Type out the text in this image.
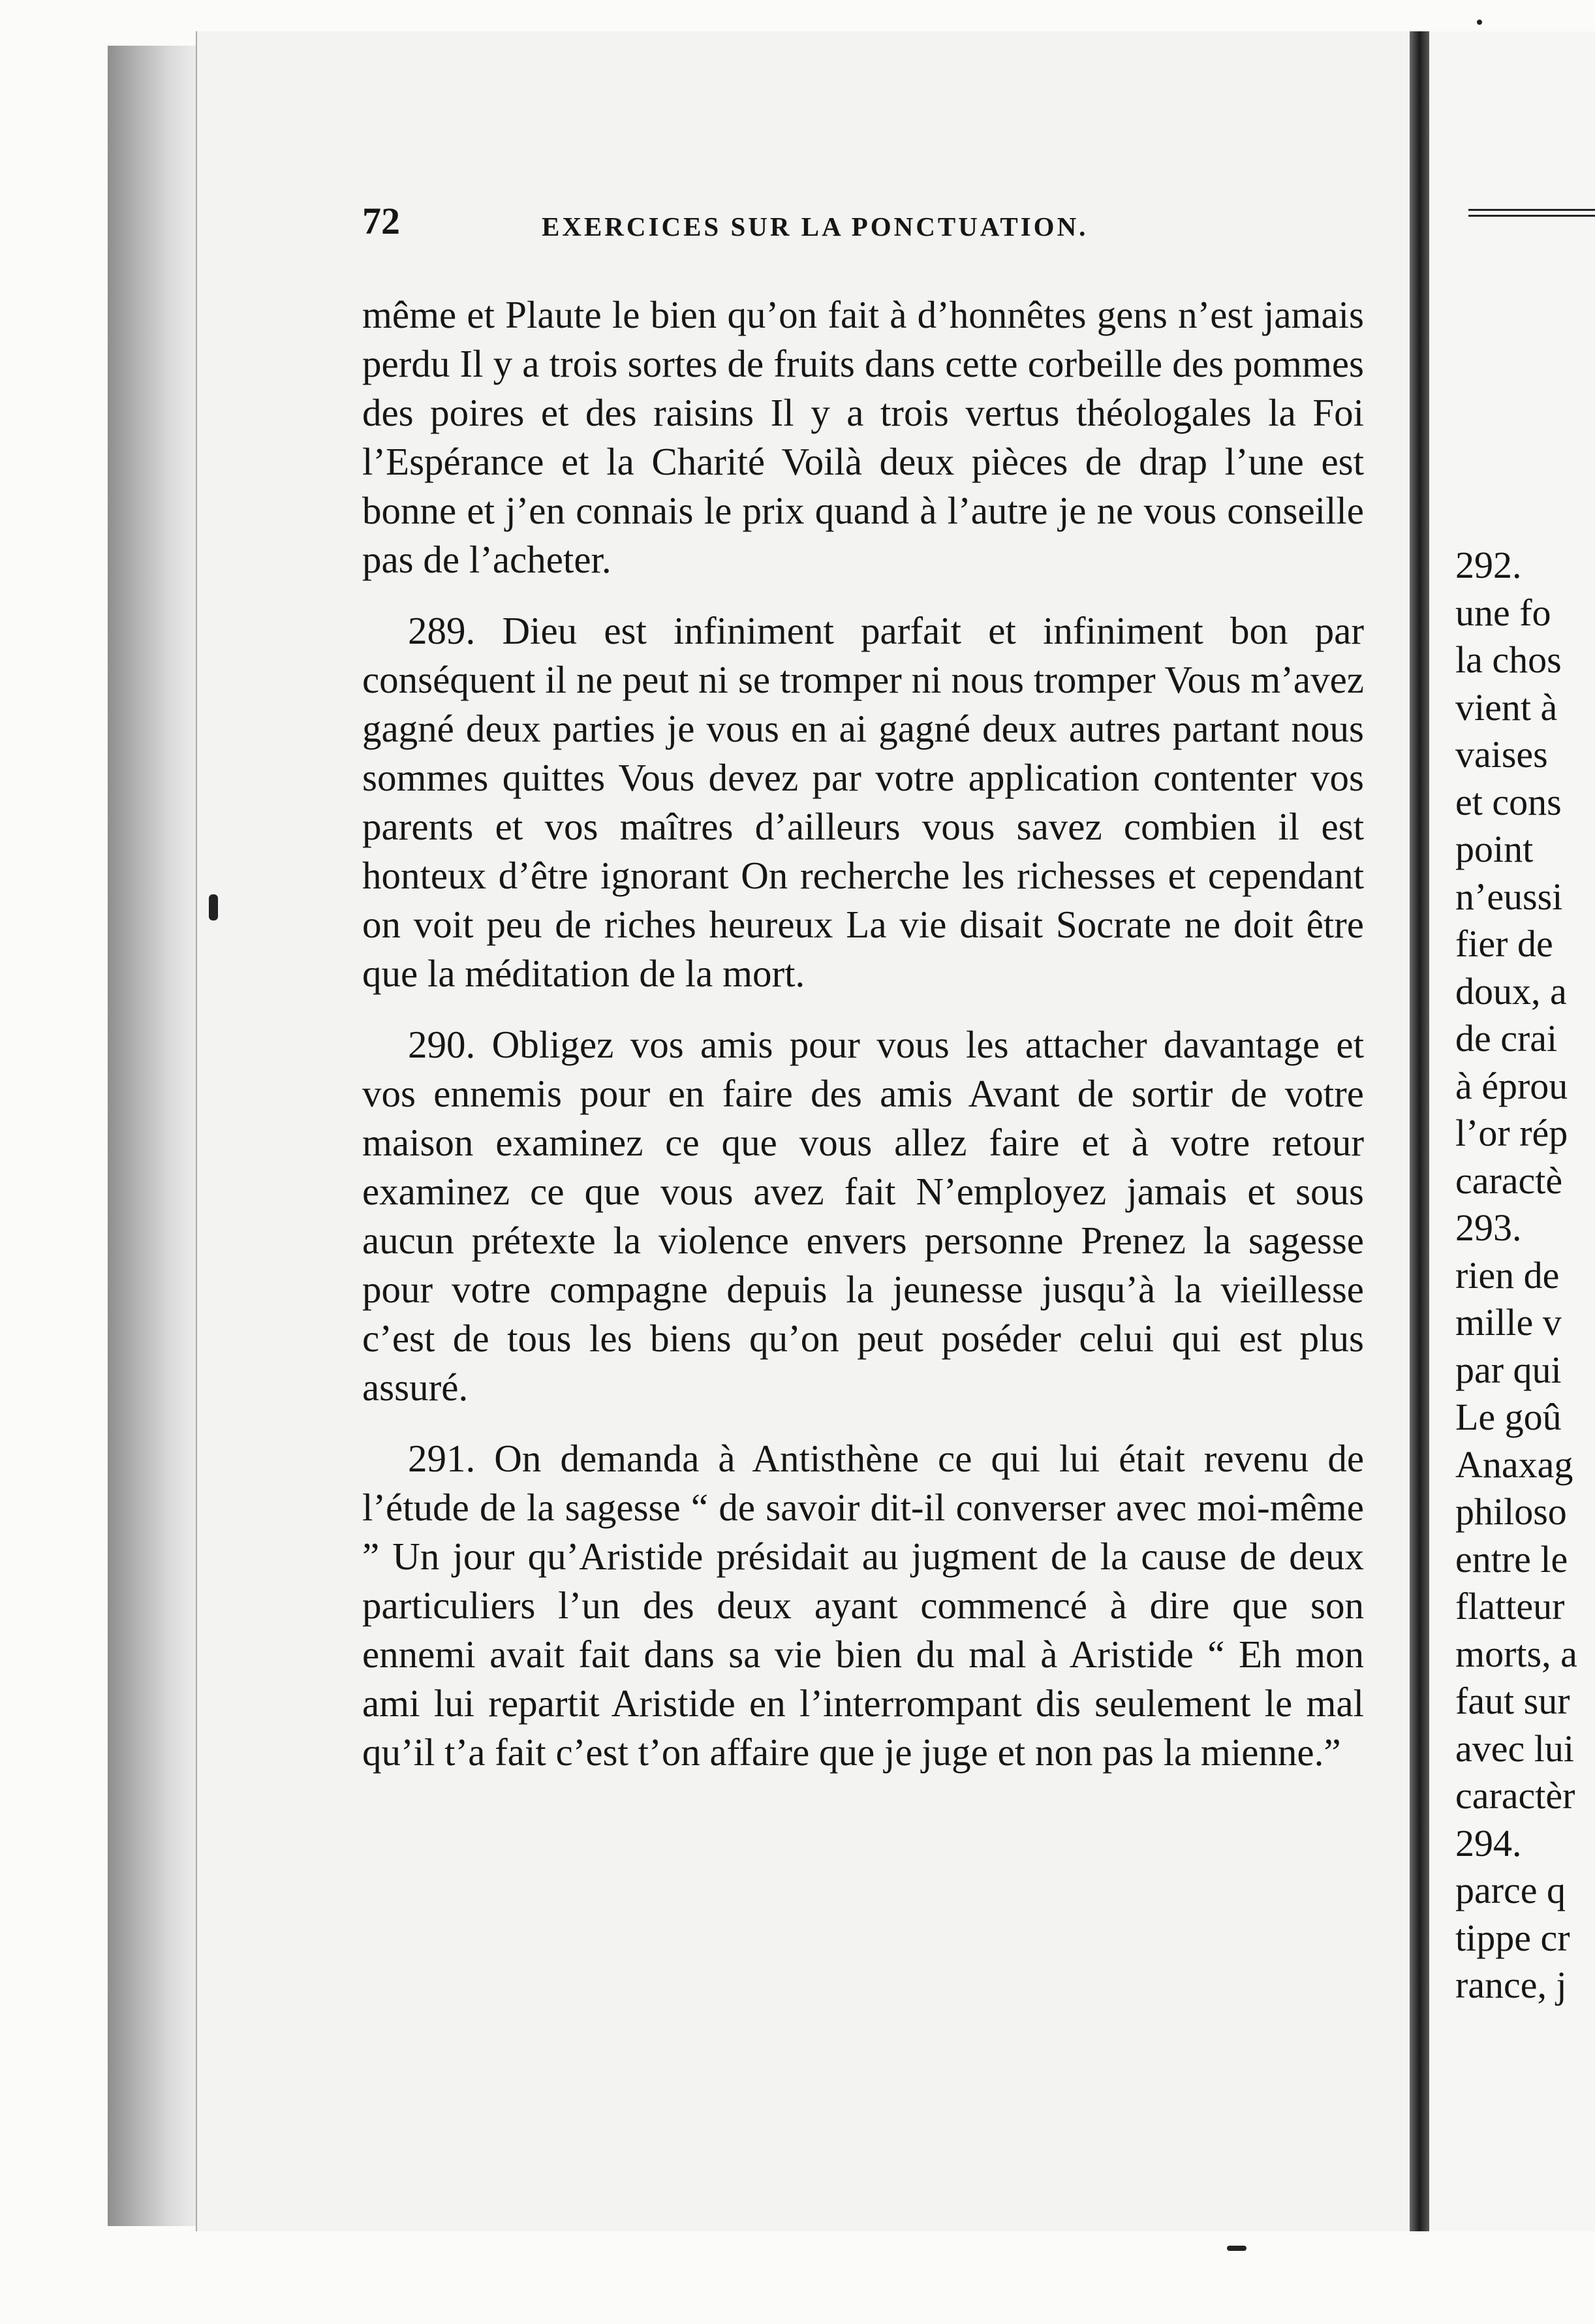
72	EXERCICES SUR LA PONCTUATION.

même et Plaute le bien qu’on fait à d’honnêtes gens n’est jamais perdu Il y a trois sortes de fruits dans cette corbeille des pommes des poires et des raisins Il y a trois vertus théologales la Foi l’Espérance et la Charité Voilà deux pièces de drap l’une est bonne et j’en connais le prix quand à l’autre je ne vous conseille pas de l’acheter.

289. Dieu est infiniment parfait et infiniment bon par conséquent il ne peut ni se tromper ni nous tromper Vous m’avez gagné deux parties je vous en ai gagné deux autres partant nous sommes quittes Vous devez par votre application contenter vos parents et vos maîtres d’ailleurs vous savez combien il est honteux d’être ignorant On recherche les richesses et cependant on voit peu de riches heureux La vie disait Socrate ne doit être que la méditation de la mort.

290. Obligez vos amis pour vous les attacher davantage et vos ennemis pour en faire des amis Avant de sortir de votre maison examinez ce que vous allez faire et à votre retour examinez ce que vous avez fait N’employez jamais et sous aucun prétexte la violence envers personne Prenez la sagesse pour votre compagne depuis la jeunesse jusqu’à la vieillesse c’est de tous les biens qu’on peut poséder celui qui est plus assuré.

291. On demanda à Antisthène ce qui lui était revenu de l’étude de la sagesse “ de savoir dit-il converser avec moi-même ” Un jour qu’Aristide présidait au jugment de la cause de deux particuliers l’un des deux ayant commencé à dire que son ennemi avait fait dans sa vie bien du mal à Aristide “ Eh mon ami lui repartit Aristide en l’interrompant dis seulement le mal qu’il t’a fait c’est t’on affaire que je juge et non pas la mienne.”

292.
une fo
la chos
vient à
vaises
et cons
point
n’eussi
fier de
doux, a
de crai
à éprou
l’or rép
caractè
293.
rien de
mille v
par qui
Le goû
Anaxag
philoso
entre le
flatteur
morts, a
faut sur
avec lui
caractèr
294.
parce q
tippe cr
rance, j
